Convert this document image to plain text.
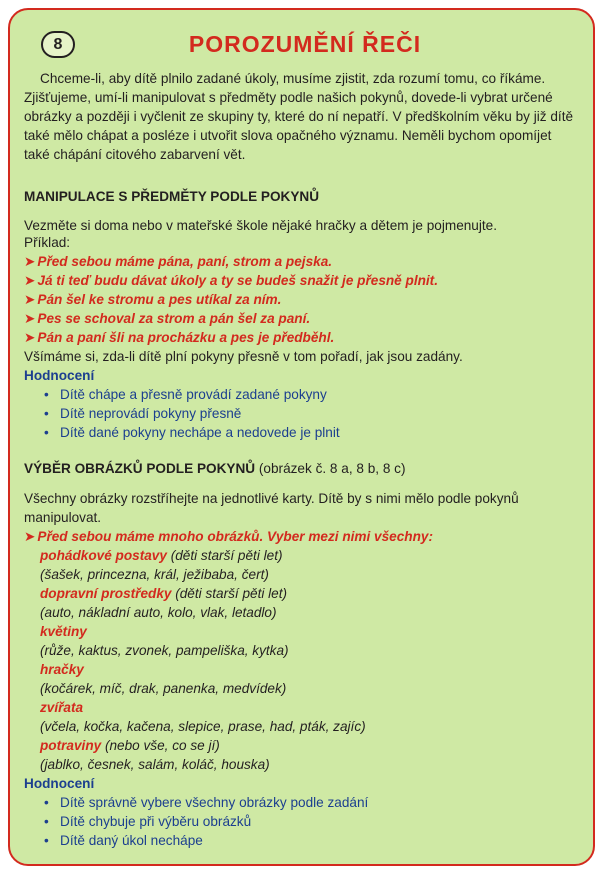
8	POROZUMĚNÍ ŘEČI
Chceme-li, aby dítě plnilo zadané úkoly, musíme zjistit, zda rozumí tomu, co říkáme.
Zjišťujeme, umí-li manipulovat s předměty podle našich pokynů, dovede-li vybrat určené
obrázky a později i vyčlenit ze skupiny ty, které do ní nepatří. V předškolním věku by již dítě
také mělo chápat a posléze i utvořit slova opačného významu. Neměli bychom opomíjet
také chápání citového zabarvení vět.
MANIPULACE S PŘEDMĚTY PODLE POKYNŮ
Vezměte si doma nebo v mateřské škole nějaké hračky a dětem je pojmenujte.
Příklad:
➤ Před sebou máme pána, paní, strom a pejska.
➤ Já ti teď budu dávat úkoly a ty se budeš snažit je přesně plnit.
➤ Pán šel ke stromu a pes utíkal za ním.
➤ Pes se schoval za strom a pán šel za paní.
➤ Pán a paní šli na procházku a pes je předběhl.
Všímáme si, zda-li dítě plní pokyny přesně v tom pořadí, jak jsou zadány.
Hodnocení
• Dítě chápe a přesně provádí zadané pokyny
• Dítě neprovádí pokyny přesně
• Dítě dané pokyny nechápe a nedovede je plnit
VÝBĚR OBRÁZKŮ PODLE POKYNŮ (obrázek č. 8 a, 8 b, 8 c)
Všechny obrázky rozstříhejte na jednotlivé karty. Dítě by s nimi mělo podle pokynů
manipulovat.
➤ Před sebou máme mnoho obrázků. Vyber mezi nimi všechny:
pohádkové postavy (děti starší pěti let)
(šašek, princezna, král, ježibaba, čert)
dopravní prostředky (děti starší pěti let)
(auto, nákladní auto, kolo, vlak, letadlo)
květiny
(růže, kaktus, zvonek, pampeliška, kytka)
hračky
(kočárek, míč, drak, panenka, medvídek)
zvířata
(včela, kočka, kačena, slepice, prase, had, pták, zajíc)
potraviny (nebo vše, co se jí)
(jablko, česnek, salám, koláč, houska)
Hodnocení
• Dítě správně vybere všechny obrázky podle zadání
• Dítě chybuje při výběru obrázků
• Dítě daný úkol nechápe
